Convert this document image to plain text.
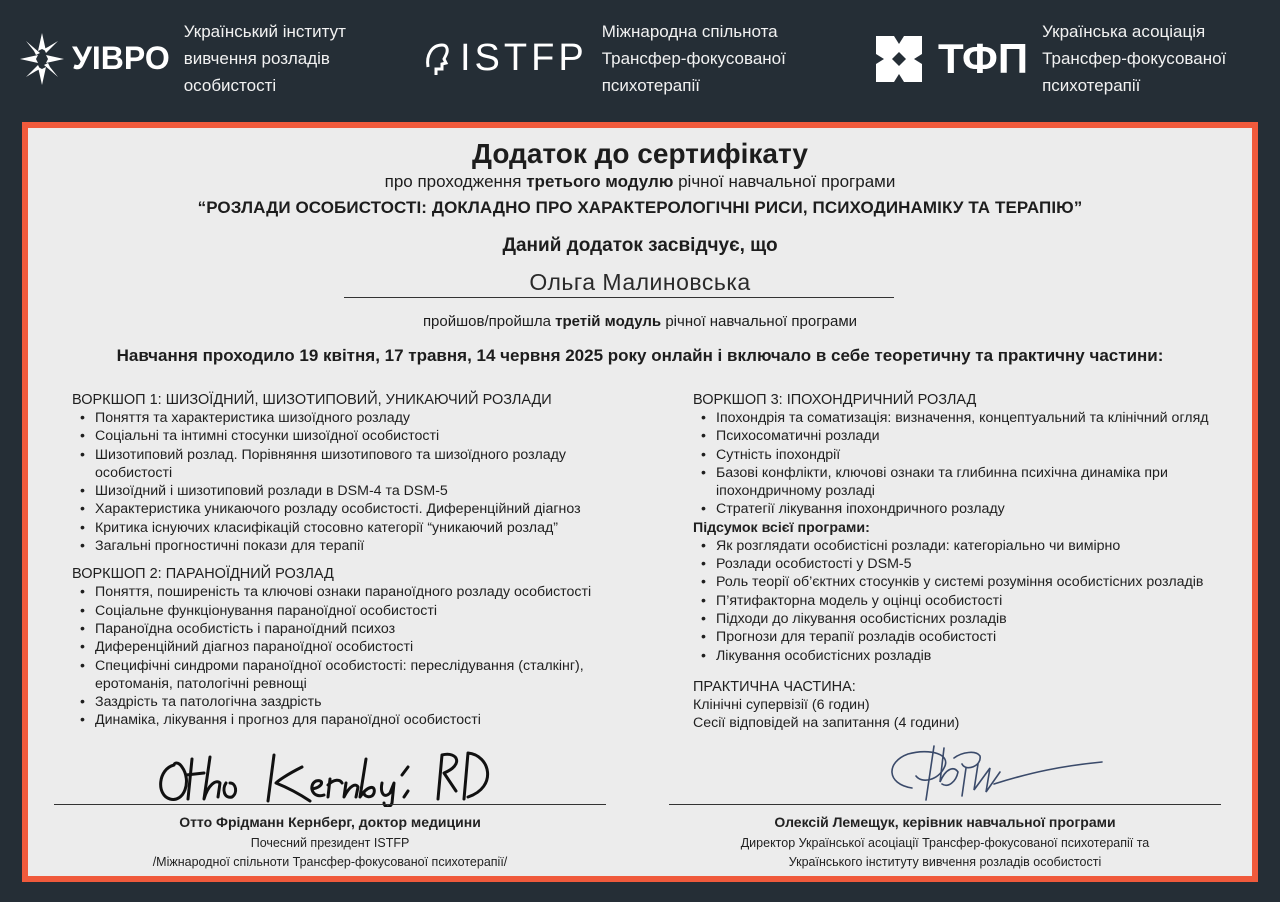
УІВРО
Український інститут
вивчення розладів
особистості
ISTFP
Міжнародна спільнота
Трансфер-фокусованої
психотерапії
ТФП
Українська асоціація
Трансфер-фокусованої
психотерапії
Додаток до сертифікату
про проходження третього модулю річної навчальної програми
“РОЗЛАДИ ОСОБИСТОСТІ: ДОКЛАДНО ПРО ХАРАКТЕРОЛОГІЧНІ РИСИ, ПСИХОДИНАМІКУ ТА ТЕРАПІЮ”
Даний додаток засвідчує, що
Ольга Малиновська
пройшов/пройшла третій модуль річної навчальної програми
Навчання проходило 19 квітня, 17 травня, 14 червня 2025 року онлайн і включало в себе теоретичну та практичну частини:
ВОРКШОП 1: ШИЗОЇДНИЙ, ШИЗОТИПОВИЙ, УНИКАЮЧИЙ РОЗЛАДИ
• Поняття та характеристика шизоїдного розладу
• Соціальні та інтимні стосунки шизоїдної особистості
• Шизотиповий розлад. Порівняння шизотипового та шизоїдного розладу особистості
• Шизоїдний і шизотиповий розлади в DSM-4 та DSM-5
• Характеристика уникаючого розладу особистості. Диференційний діагноз
• Критика існуючих класифікацій стосовно категорії “уникаючий розлад”
• Загальні прогностичні покази для терапії
ВОРКШОП 2: ПАРАНОЇДНИЙ РОЗЛАД
• Поняття, поширеність та ключові ознаки параноїдного розладу особистості
• Соціальне функціонування параноїдної особистості
• Параноїдна особистість і параноїдний психоз
• Диференційний діагноз параноїдної особистості
• Специфічні синдроми параноїдної особистості: переслідування (сталкінг), еротоманія, патологічні ревнощі
• Заздрість та патологічна заздрість
• Динаміка, лікування і прогноз для параноїдної особистості
ВОРКШОП 3: ІПОХОНДРИЧНИЙ РОЗЛАД
• Іпохондрія та соматизація: визначення, концептуальний та клінічний огляд
• Психосоматичні розлади
• Сутність іпохондрії
• Базові конфлікти, ключові ознаки та глибинна психічна динаміка при іпохондричному розладі
• Стратегії лікування іпохондричного розладу
Підсумок всієї програми:
• Як розглядати особистісні розлади: категоріально чи вимірно
• Розлади особистості у DSM-5
• Роль теорії об’єктних стосунків у системі розуміння особистісних розладів
• П’ятифакторна модель у оцінці особистості
• Підходи до лікування особистісних розладів
• Прогнози для терапії розладів особистості
• Лікування особистісних розладів
ПРАКТИЧНА ЧАСТИНА:
Клінічні супервізії (6 годин)
Сесії відповідей на запитання (4 години)
Отто Фрідманн Кернберг, доктор медицини
Почесний президент ISTFP
/Міжнародної спільноти Трансфер-фокусованої психотерапії/
Олексій Лемещук, керівник навчальної програми
Директор Української асоціації Трансфер-фокусованої психотерапії та
Українського інституту вивчення розладів особистості
